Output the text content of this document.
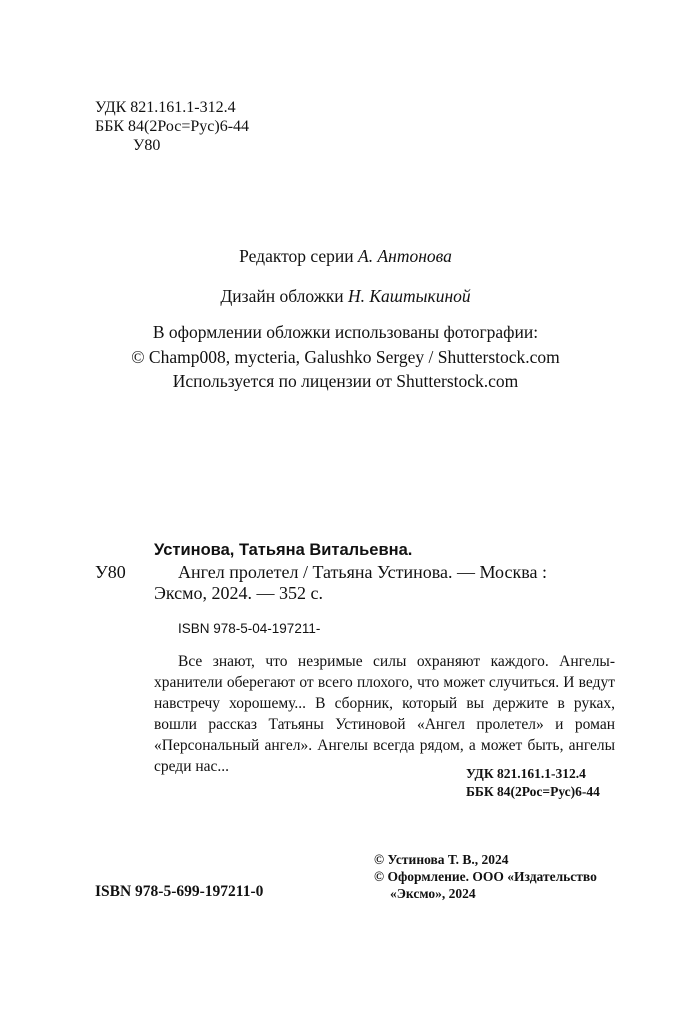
УДК 821.161.1-312.4
ББК 84(2Рос=Рус)6-44
У80
Редактор серии А. Антонова
Дизайн обложки Н. Каштыкиной
В оформлении обложки использованы фотографии:
© Champ008, mycteria, Galushko Sergey / Shutterstock.com
Используется по лицензии от Shutterstock.com
Устинова, Татьяна Витальевна.
У80	Ангел пролетел / Татьяна Устинова. — Москва :
Эксмо, 2024. — 352 с.
ISBN 978-5-04-197211-

Все знают, что незримые силы охраняют каждого. Ангелы-хранители оберегают от всего плохого, что может случиться. И ведут навстречу хорошему... В сборник, который вы держите в руках, вошли рассказ Татьяны Устиновой «Ангел пролетел» и роман «Персональный ангел». Ангелы всегда рядом, а может быть, ангелы среди нас...	УДК 821.161.1-312.4
ББК 84(2Рос=Рус)6-44
© Устинова Т. В., 2024
© Оформление. ООО «Издательство
«Эксмо», 2024
ISBN 978-5-699-197211-0
